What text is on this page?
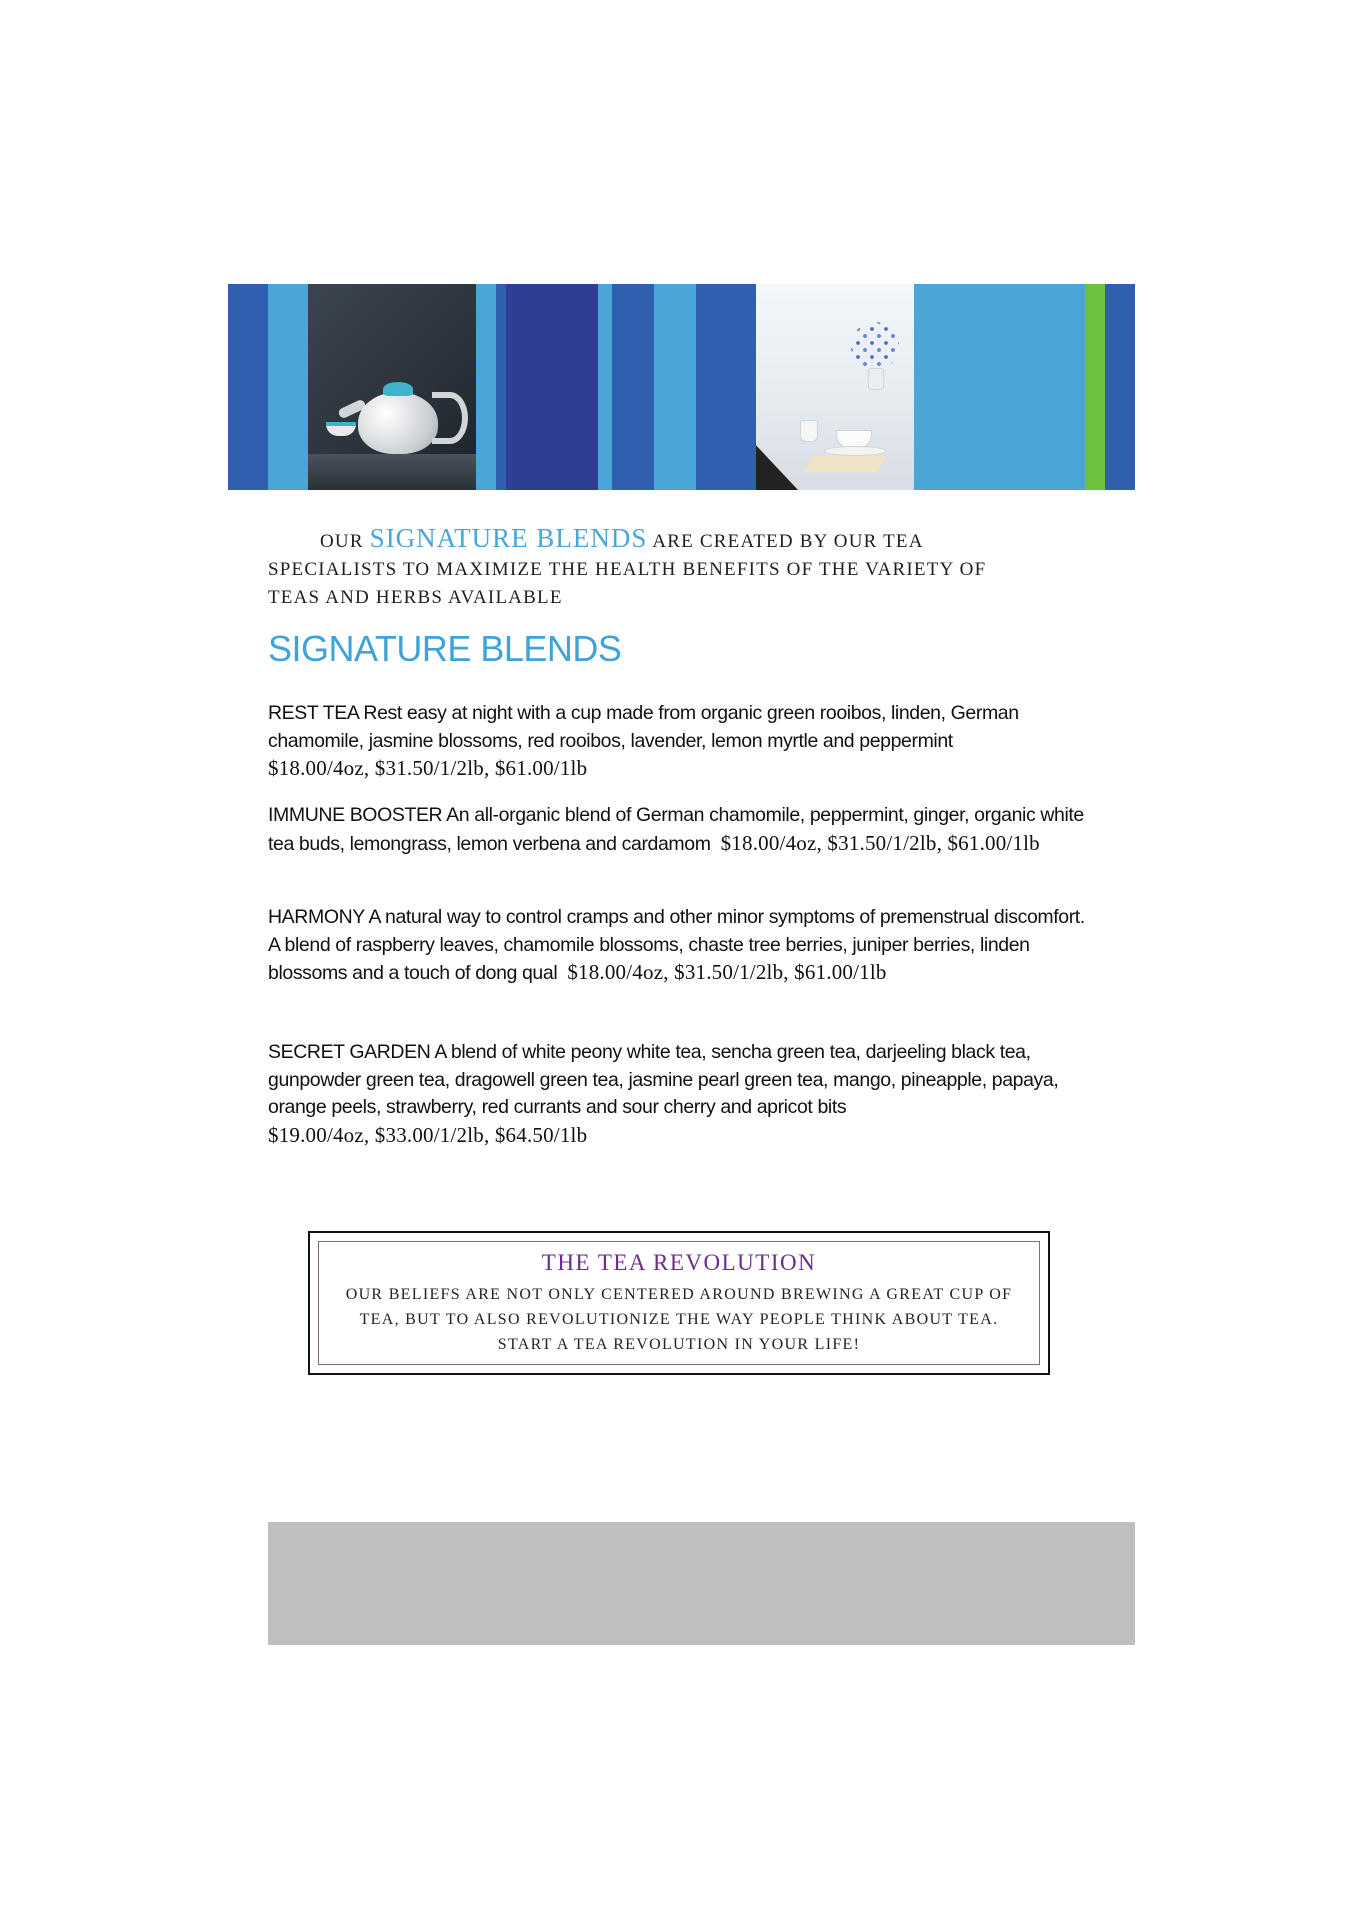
OUR SIGNATURE BLENDS ARE CREATED BY OUR TEA
SPECIALISTS TO MAXIMIZE THE HEALTH BENEFITS OF THE VARIETY OF
TEAS AND HERBS AVAILABLE

SIGNATURE BLENDS

REST TEA Rest easy at night with a cup made from organic green rooibos, linden, German chamomile, jasmine blossoms, red rooibos, lavender, lemon myrtle and peppermint  $18.00/4oz, $31.50/1/2lb, $61.00/1lb

IMMUNE BOOSTER An all-organic blend of German chamomile, peppermint, ginger, organic white tea buds, lemongrass, lemon verbena and cardamom $18.00/4oz, $31.50/1/2lb, $61.00/1lb

HARMONY A natural way to control cramps and other minor symptoms of premenstrual discomfort. A blend of raspberry leaves, chamomile blossoms, chaste tree berries, juniper berries, linden blossoms and a touch of dong qual $18.00/4oz, $31.50/1/2lb, $61.00/1lb

SECRET GARDEN A blend of white peony white tea, sencha green tea, darjeeling black tea, gunpowder green tea, dragowell green tea, jasmine pearl green tea, mango, pineapple, papaya, orange peels, strawberry, red currants and sour cherry and apricot bits  $19.00/4oz, $33.00/1/2lb, $64.50/1lb

THE TEA REVOLUTION

OUR BELIEFS ARE NOT ONLY CENTERED AROUND BREWING A GREAT CUP OF TEA, BUT TO ALSO REVOLUTIONIZE THE WAY PEOPLE THINK ABOUT TEA. START A TEA REVOLUTION IN YOUR LIFE!
